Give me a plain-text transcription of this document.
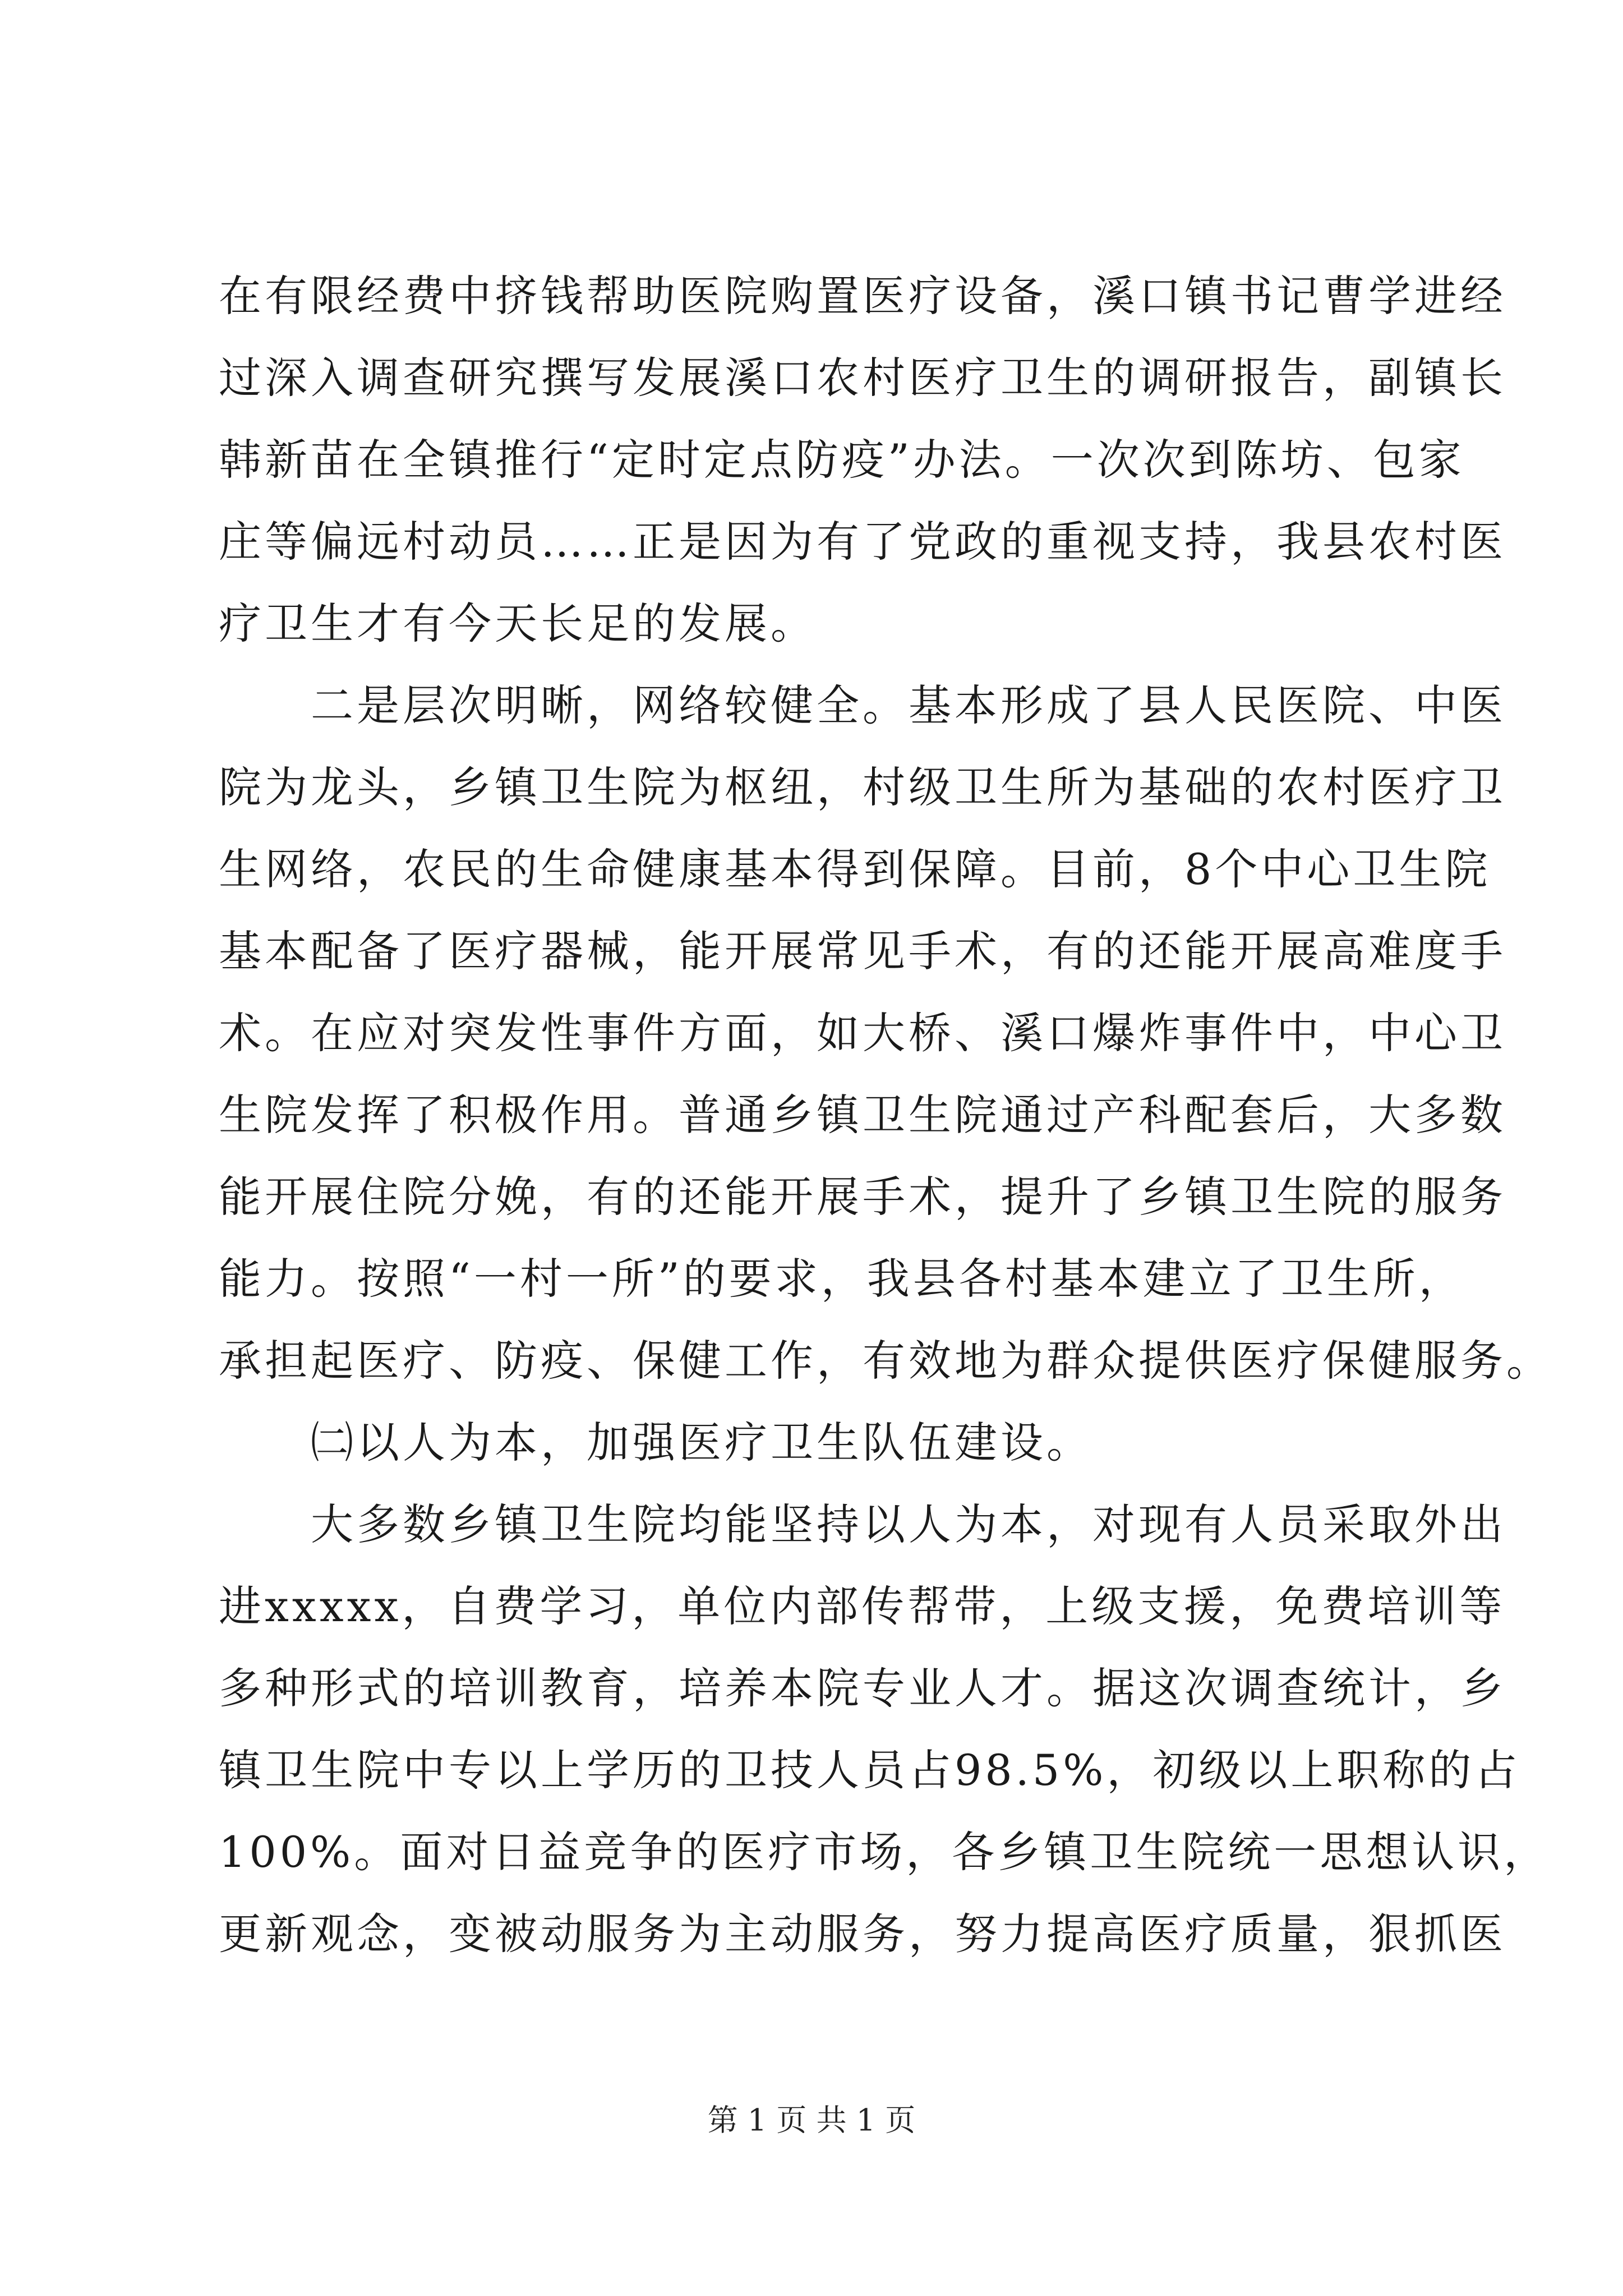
在有限经费中挤钱帮助医院购置医疗设备，溪口镇书记曹学进经
过深入调查研究撰写发展溪口农村医疗卫生的调研报告，副镇长
韩新苗在全镇推行“定时定点防疫”办法。一次次到陈坊、包家
庄等偏远村动员……正是因为有了党政的重视支持，我县农村医
疗卫生才有今天长足的发展。
　　二是层次明晰，网络较健全。基本形成了县人民医院、中医
院为龙头，乡镇卫生院为枢纽，村级卫生所为基础的农村医疗卫
生网络，农民的生命健康基本得到保障。目前，8个中心卫生院
基本配备了医疗器械，能开展常见手术，有的还能开展高难度手
术。在应对突发性事件方面，如大桥、溪口爆炸事件中，中心卫
生院发挥了积极作用。普通乡镇卫生院通过产科配套后，大多数
能开展住院分娩，有的还能开展手术，提升了乡镇卫生院的服务
能力。按照“一村一所”的要求，我县各村基本建立了卫生所，
承担起医疗、防疫、保健工作，有效地为群众提供医疗保健服务。
　　㈡以人为本，加强医疗卫生队伍建设。
　　大多数乡镇卫生院均能坚持以人为本，对现有人员采取外出
进xxxxx，自费学习，单位内部传帮带，上级支援，免费培训等
多种形式的培训教育，培养本院专业人才。据这次调查统计，乡
镇卫生院中专以上学历的卫技人员占98.5%，初级以上职称的占
100%。面对日益竞争的医疗市场，各乡镇卫生院统一思想认识，
更新观念，变被动服务为主动服务，努力提高医疗质量，狠抓医
第 1 页 共 1 页
